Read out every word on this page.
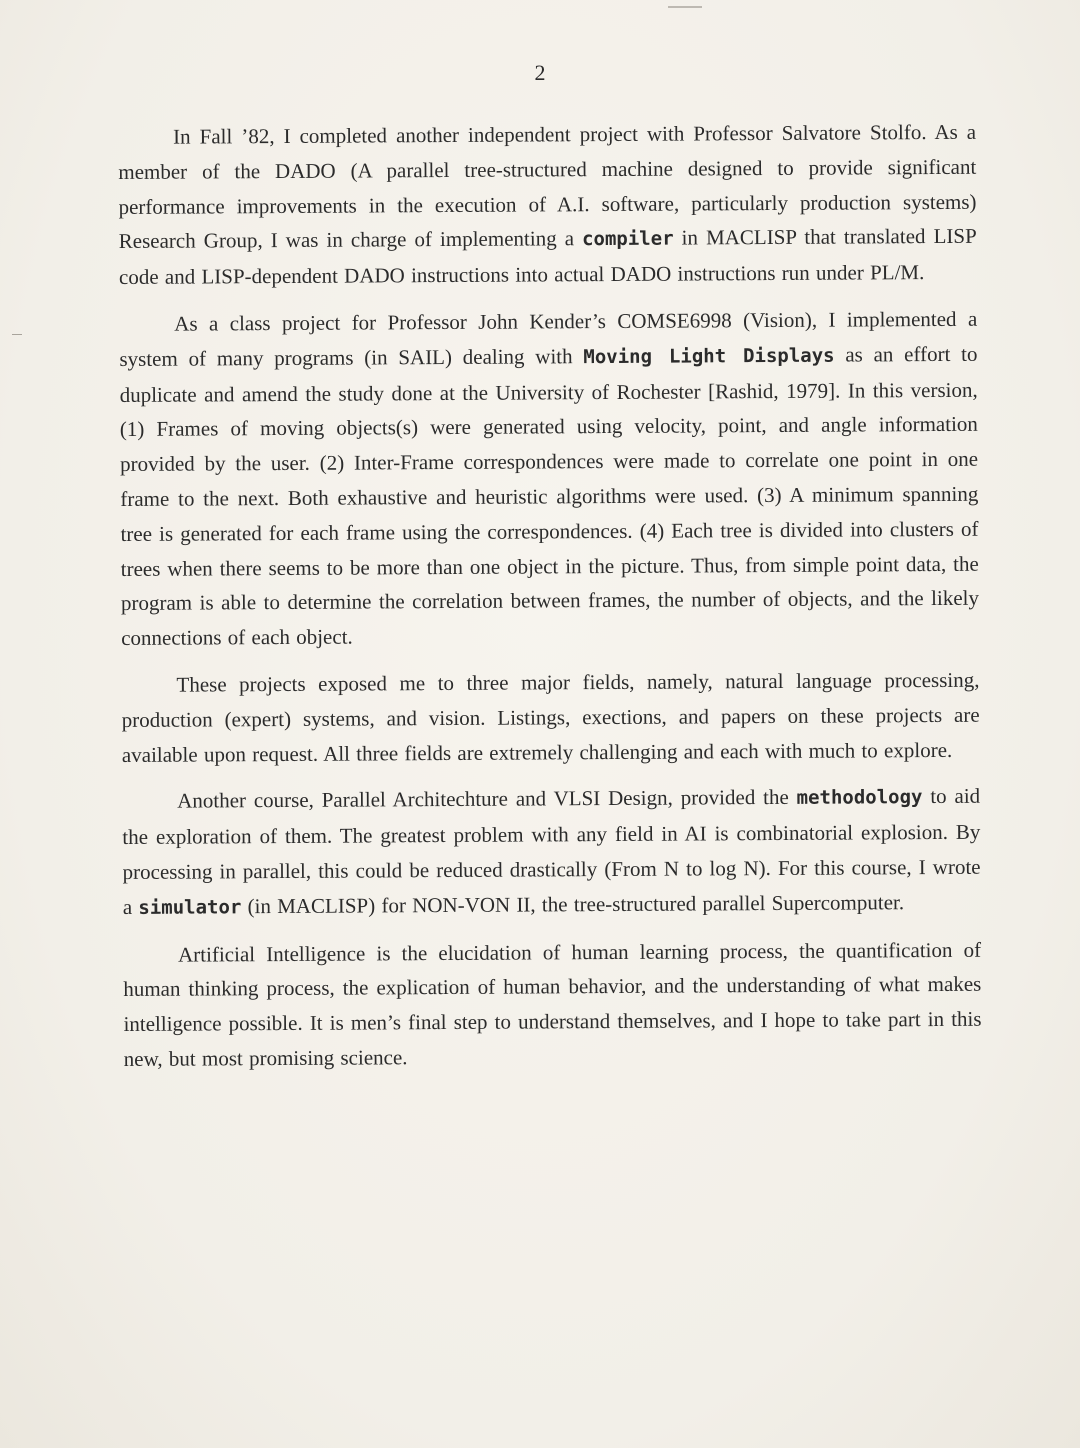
2

In Fall ’82, I completed another independent project with Professor Salvatore Stolfo. As a member of the DADO (A parallel tree-structured machine designed to provide significant performance improvements in the execution of A.I. software, particularly production systems) Research Group, I was in charge of implementing a compiler in MACLISP that translated LISP code and LISP-dependent DADO instructions into actual DADO instructions run under PL/M.

As a class project for Professor John Kender’s COMSE6998 (Vision), I implemented a system of many programs (in SAIL) dealing with Moving Light Displays as an effort to duplicate and amend the study done at the University of Rochester [Rashid, 1979]. In this version, (1) Frames of moving objects(s) were generated using velocity, point, and angle information provided by the user. (2) Inter-Frame correspondences were made to correlate one point in one frame to the next. Both exhaustive and heuristic algorithms were used. (3) A minimum spanning tree is generated for each frame using the correspondences. (4) Each tree is divided into clusters of trees when there seems to be more than one object in the picture. Thus, from simple point data, the program is able to determine the correlation between frames, the number of objects, and the likely connections of each object.

These projects exposed me to three major fields, namely, natural language processing, production (expert) systems, and vision. Listings, exections, and papers on these projects are available upon request. All three fields are extremely challenging and each with much to explore.

Another course, Parallel Architechture and VLSI Design, provided the methodology to aid the exploration of them. The greatest problem with any field in AI is combinatorial explosion. By processing in parallel, this could be reduced drastically (From N to log N). For this course, I wrote a simulator (in MACLISP) for NON-VON II, the tree-structured parallel Supercomputer.

Artificial Intelligence is the elucidation of human learning process, the quantification of human thinking process, the explication of human behavior, and the understanding of what makes intelligence possible. It is men’s final step to understand themselves, and I hope to take part in this new, but most promising science.
